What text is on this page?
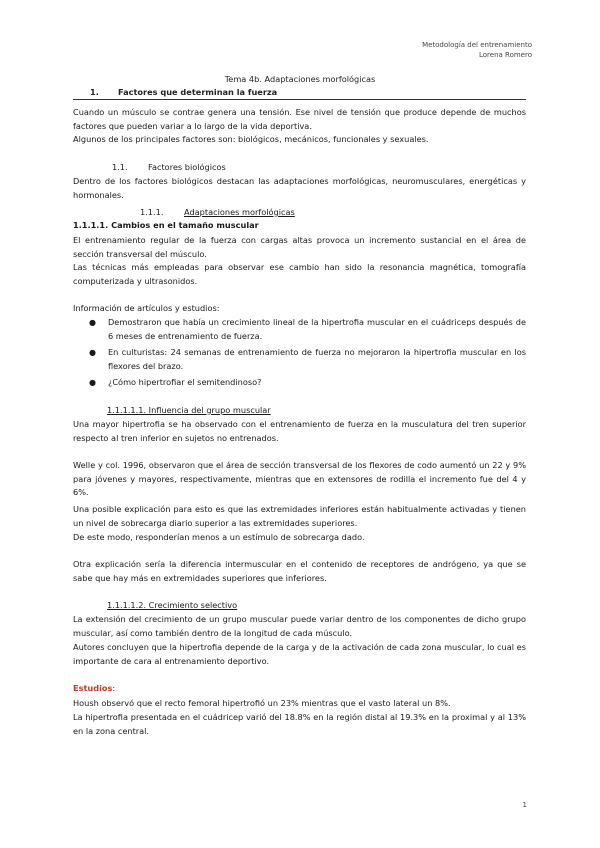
Metodología del entrenamiento
Lorena Romero
Tema 4b. Adaptaciones morfológicas
1. Factores que determinan la fuerza

Cuando un músculo se contrae genera una tensión. Ese nivel de tensión que produce depende de muchos factores que pueden variar a lo largo de la vida deportiva.

Algunos de los principales factores son: biológicos, mecánicos, funcionales y sexuales.

1.1. Factores biológicos

Dentro de los factores biológicos destacan las adaptaciones morfológicas, neuromusculares, energéticas y hormonales.

1.1.1.	Adaptaciones morfológicas
1.1.1.1. Cambios en el tamaño muscular

El entrenamiento regular de la fuerza con cargas altas provoca un incremento sustancial en el área de sección transversal del músculo.

Las técnicas más empleadas para observar ese cambio han sido la resonancia magnética, tomografía computerizada y ultrasonidos.

Información de artículos y estudios:

● Demostraron que había un crecimiento lineal de la hipertrofia muscular en el cuádriceps después de 6 meses de entrenamiento de fuerza.
● En culturistas: 24 semanas de entrenamiento de fuerza no mejoraron la hipertrofia muscular en los flexores del brazo.
● ¿Cómo hipertrofiar el semitendinoso?
1.1.1.1.1. Influencia del grupo muscular

Una mayor hipertrofia se ha observado con el entrenamiento de fuerza en la musculatura del tren superior respecto al tren inferior en sujetos no entrenados.

Welle y col. 1996, observaron que el área de sección transversal de los flexores de codo aumentó un 22 y 9% para jóvenes y mayores, respectivamente, mientras que en extensores de rodilla el incremento fue del 4 y 6%.

Una posible explicación para esto es que las extremidades inferiores están habitualmente activadas y tienen un nivel de sobrecarga diario superior a las extremidades superiores.

De este modo, responderían menos a un estímulo de sobrecarga dado.

Otra explicación sería la diferencia intermuscular en el contenido de receptores de andrógeno, ya que se sabe que hay más en extremidades superiores que inferiores.

1.1.1.1.2. Crecimiento selectivo

La extensión del crecimiento de un grupo muscular puede variar dentro de los componentes de dicho grupo muscular, así como también dentro de la longitud de cada músculo.

Autores concluyen que la hipertrofia depende de la carga y de la activación de cada zona muscular, lo cual es importante de cara al entrenamiento deportivo.

Estudios:

Housh observó que el recto femoral hipertrofió un 23% mientras que el vasto lateral un 8%.

La hipertrofia presentada en el cuádricep varió del 18.8% en la región distal al 19.3% en la proximal y al 13% en la zona central.

1
